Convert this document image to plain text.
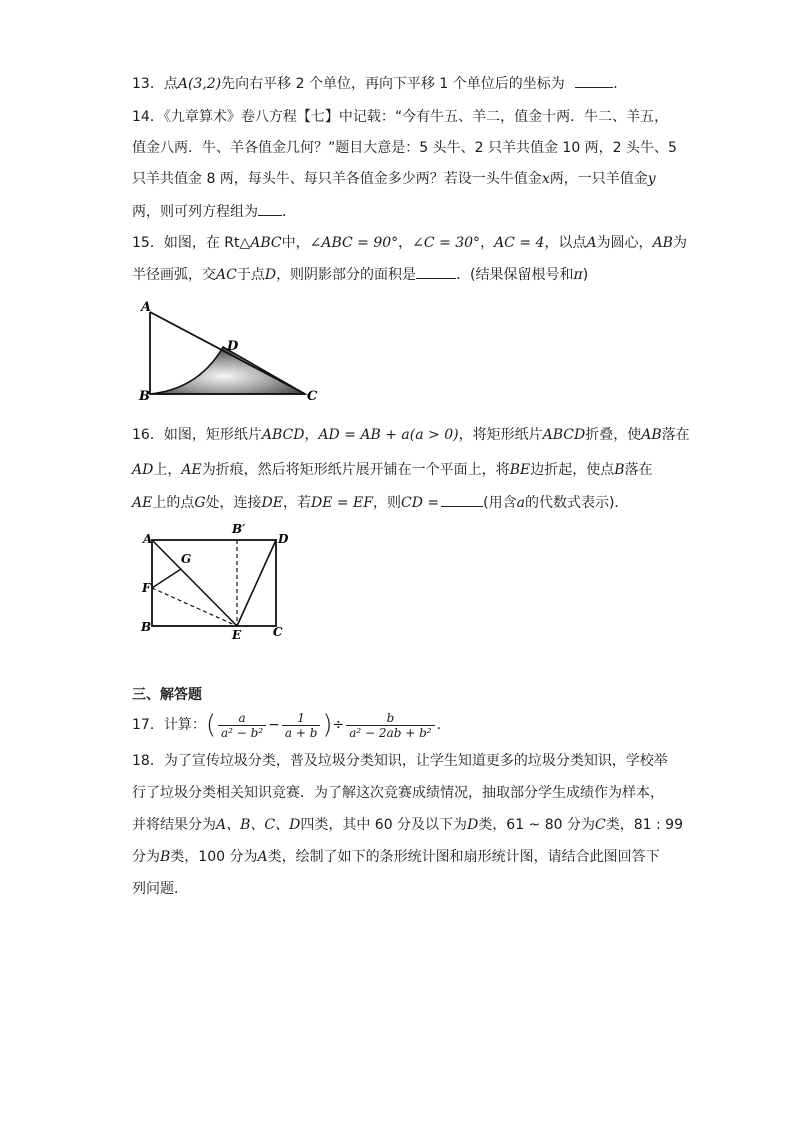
13．点A(3,2)先向右平移 2 个单位，再向下平移 1 个单位后的坐标为	．
14．《九章算术》卷八方程【七】中记载：“今有牛五、羊二，值金十两．牛二、羊五，
值金八两．牛、羊各值金几何？”题目大意是：5 头牛、2 只羊共值金 10 两，2 头牛、5
只羊共值金 8 两，每头牛、每只羊各值金多少两？若设一头牛值金x两，一只羊值金y
两，则可列方程组为 ．
15．如图，在 Rt△ABC中，∠ABC = 90°，∠C = 30°，AC = 4，以点A为圆心，AB为
半径画弧，交AC于点D，则阴影部分的面积是	．(结果保留根号和π)
A
B	C
D
16．如图，矩形纸片ABCD，AD = AB + a(a > 0)，将矩形纸片ABCD折叠，使AB落在
AD上，AE为折痕，然后将矩形纸片展开铺在一个平面上，将BE边折起，使点B落在
AE上的点G处，连接DE，若DE = EF，则CD =	(用含a的代数式表示)．
A
B′
D
G
F
B
E	C
三、解答题
17．计算：( $\frac{a}{\text{a² − b²}} - \frac{1}{a + b}$ )÷ $\frac{b}{\text{a² − 2ab + b²}}$ ．
18．为了宣传垃圾分类，普及垃圾分类知识，让学生知道更多的垃圾分类知识，学校举
行了垃圾分类相关知识竞赛．为了解这次竞赛成绩情况，抽取部分学生成绩作为样本，
并将结果分为A、B、C、D四类，其中 60 分及以下为D类，61 ~ 80 分为C类，81 : 99
分为B类，100 分为A类，绘制了如下的条形统计图和扇形统计图，请结合此图回答下
列问题．
